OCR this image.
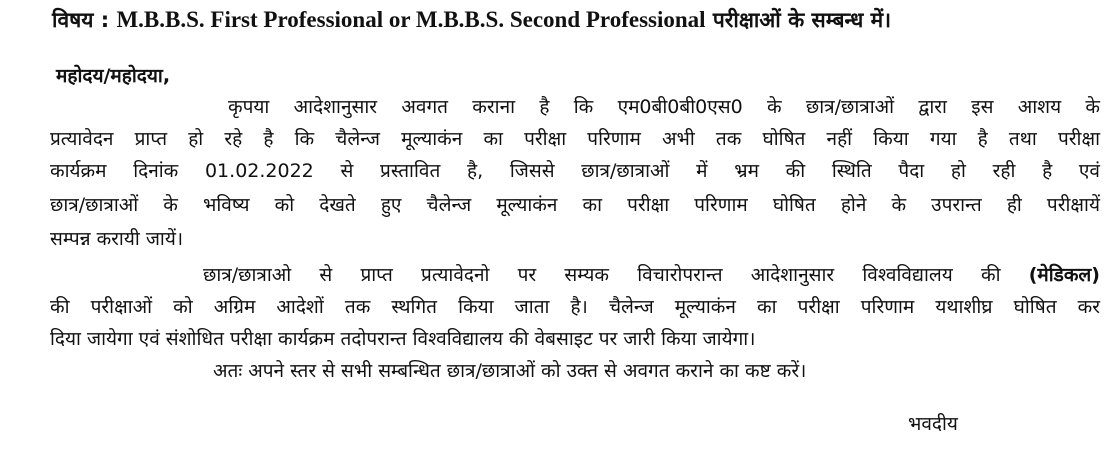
विषय : M.B.B.S. First Professional or M.B.B.S. Second Professional परीक्षाओं के सम्बन्ध में।
महोदय/महोदया,
कृपया आदेशानुसार अवगत कराना है कि एम0बी0बी0एस0 के छात्र/छात्राओं द्वारा इस आशय के
प्रत्यावेदन प्राप्त हो रहे है कि चैलेन्ज मूल्याकंन का परीक्षा परिणाम अभी तक घोषित नहीं किया गया है तथा परीक्षा
कार्यक्रम दिनांक 01.02.2022 से प्रस्तावित है, जिससे छात्र/छात्राओं में भ्रम की स्थिति पैदा हो रही है एवं
छात्र/छात्राओं के भविष्य को देखते हुए चैलेन्ज मूल्याकंन का परीक्षा परिणाम घोषित होने के उपरान्त ही परीक्षायें
सम्पन्न करायी जायें।
छात्र/छात्राओ से प्राप्त प्रत्यावेदनो पर सम्यक विचारोपरान्त आदेशानुसार विश्वविद्यालय की (मेडिकल)
की परीक्षाओं को अग्रिम आदेशों तक स्थगित किया जाता है। चैलेन्ज मूल्याकंन का परीक्षा परिणाम यथाशीघ्र घोषित कर
दिया जायेगा एवं संशोधित परीक्षा कार्यक्रम तदोपरान्त विश्वविद्यालय की वेबसाइट पर जारी किया जायेगा।
अतः अपने स्तर से सभी सम्बन्धित छात्र/छात्राओं को उक्त से अवगत कराने का कष्ट करें।
भवदीय
